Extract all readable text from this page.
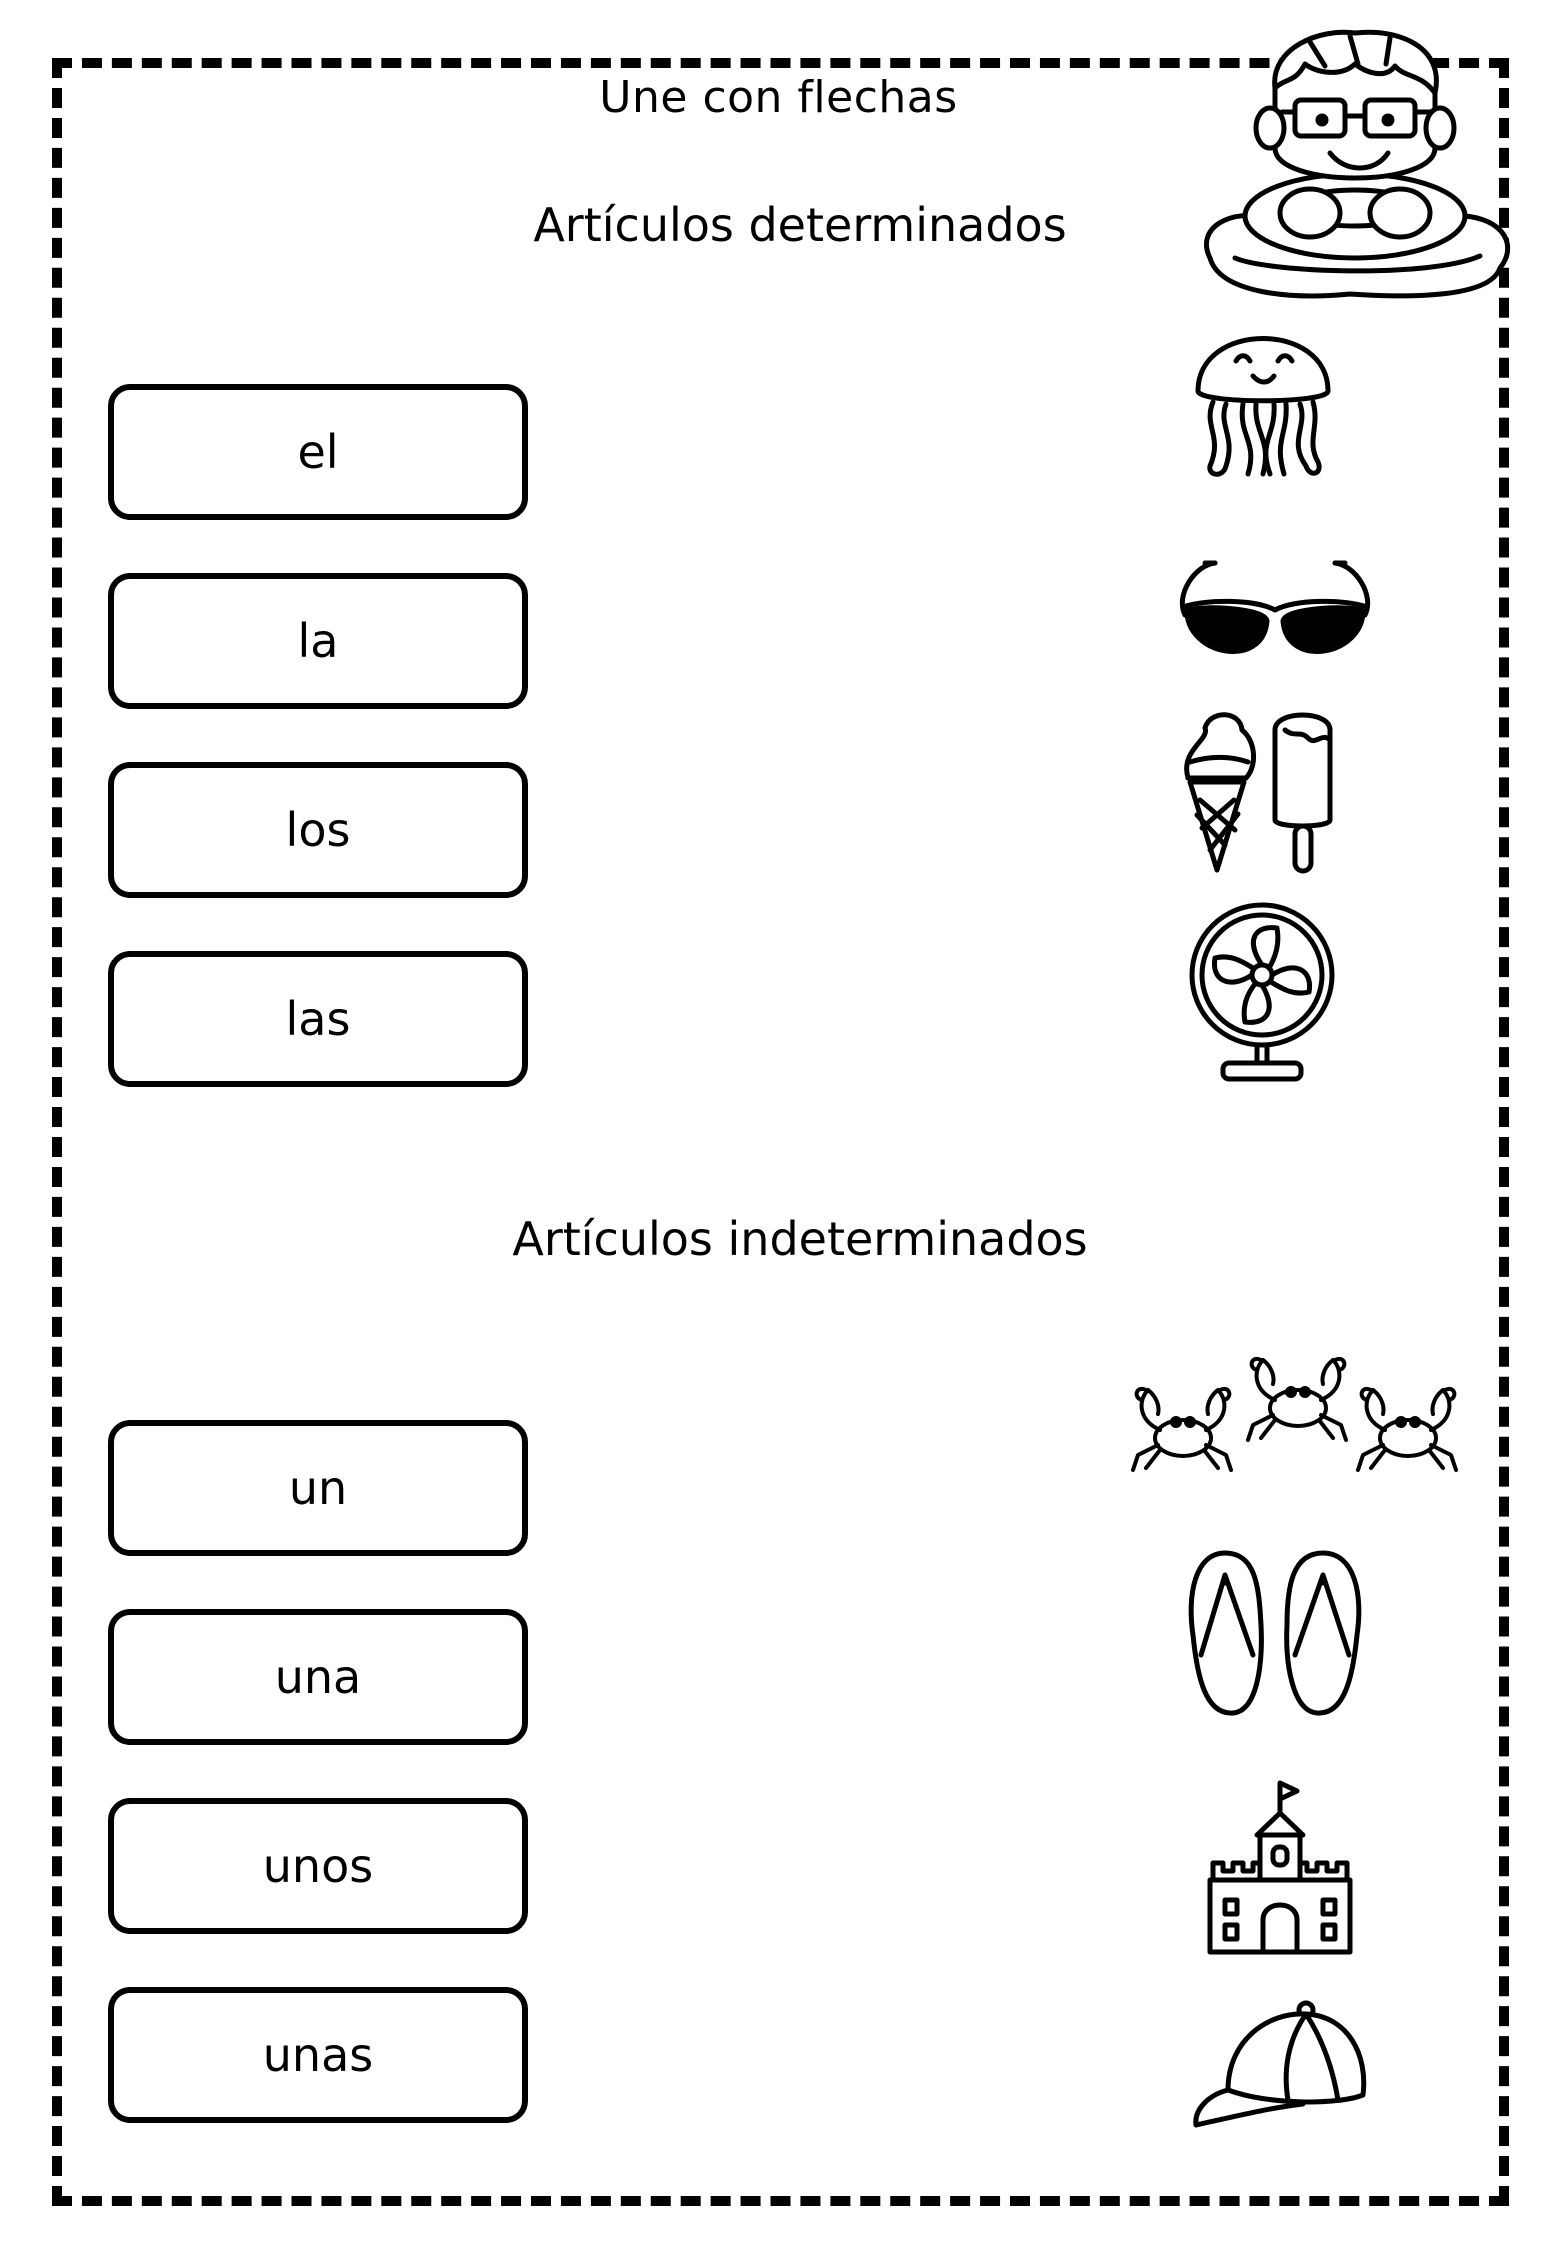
Une con flechas
Artículos determinados
Artículos indeterminados
el
la
los
las
un
una
unos
unas
